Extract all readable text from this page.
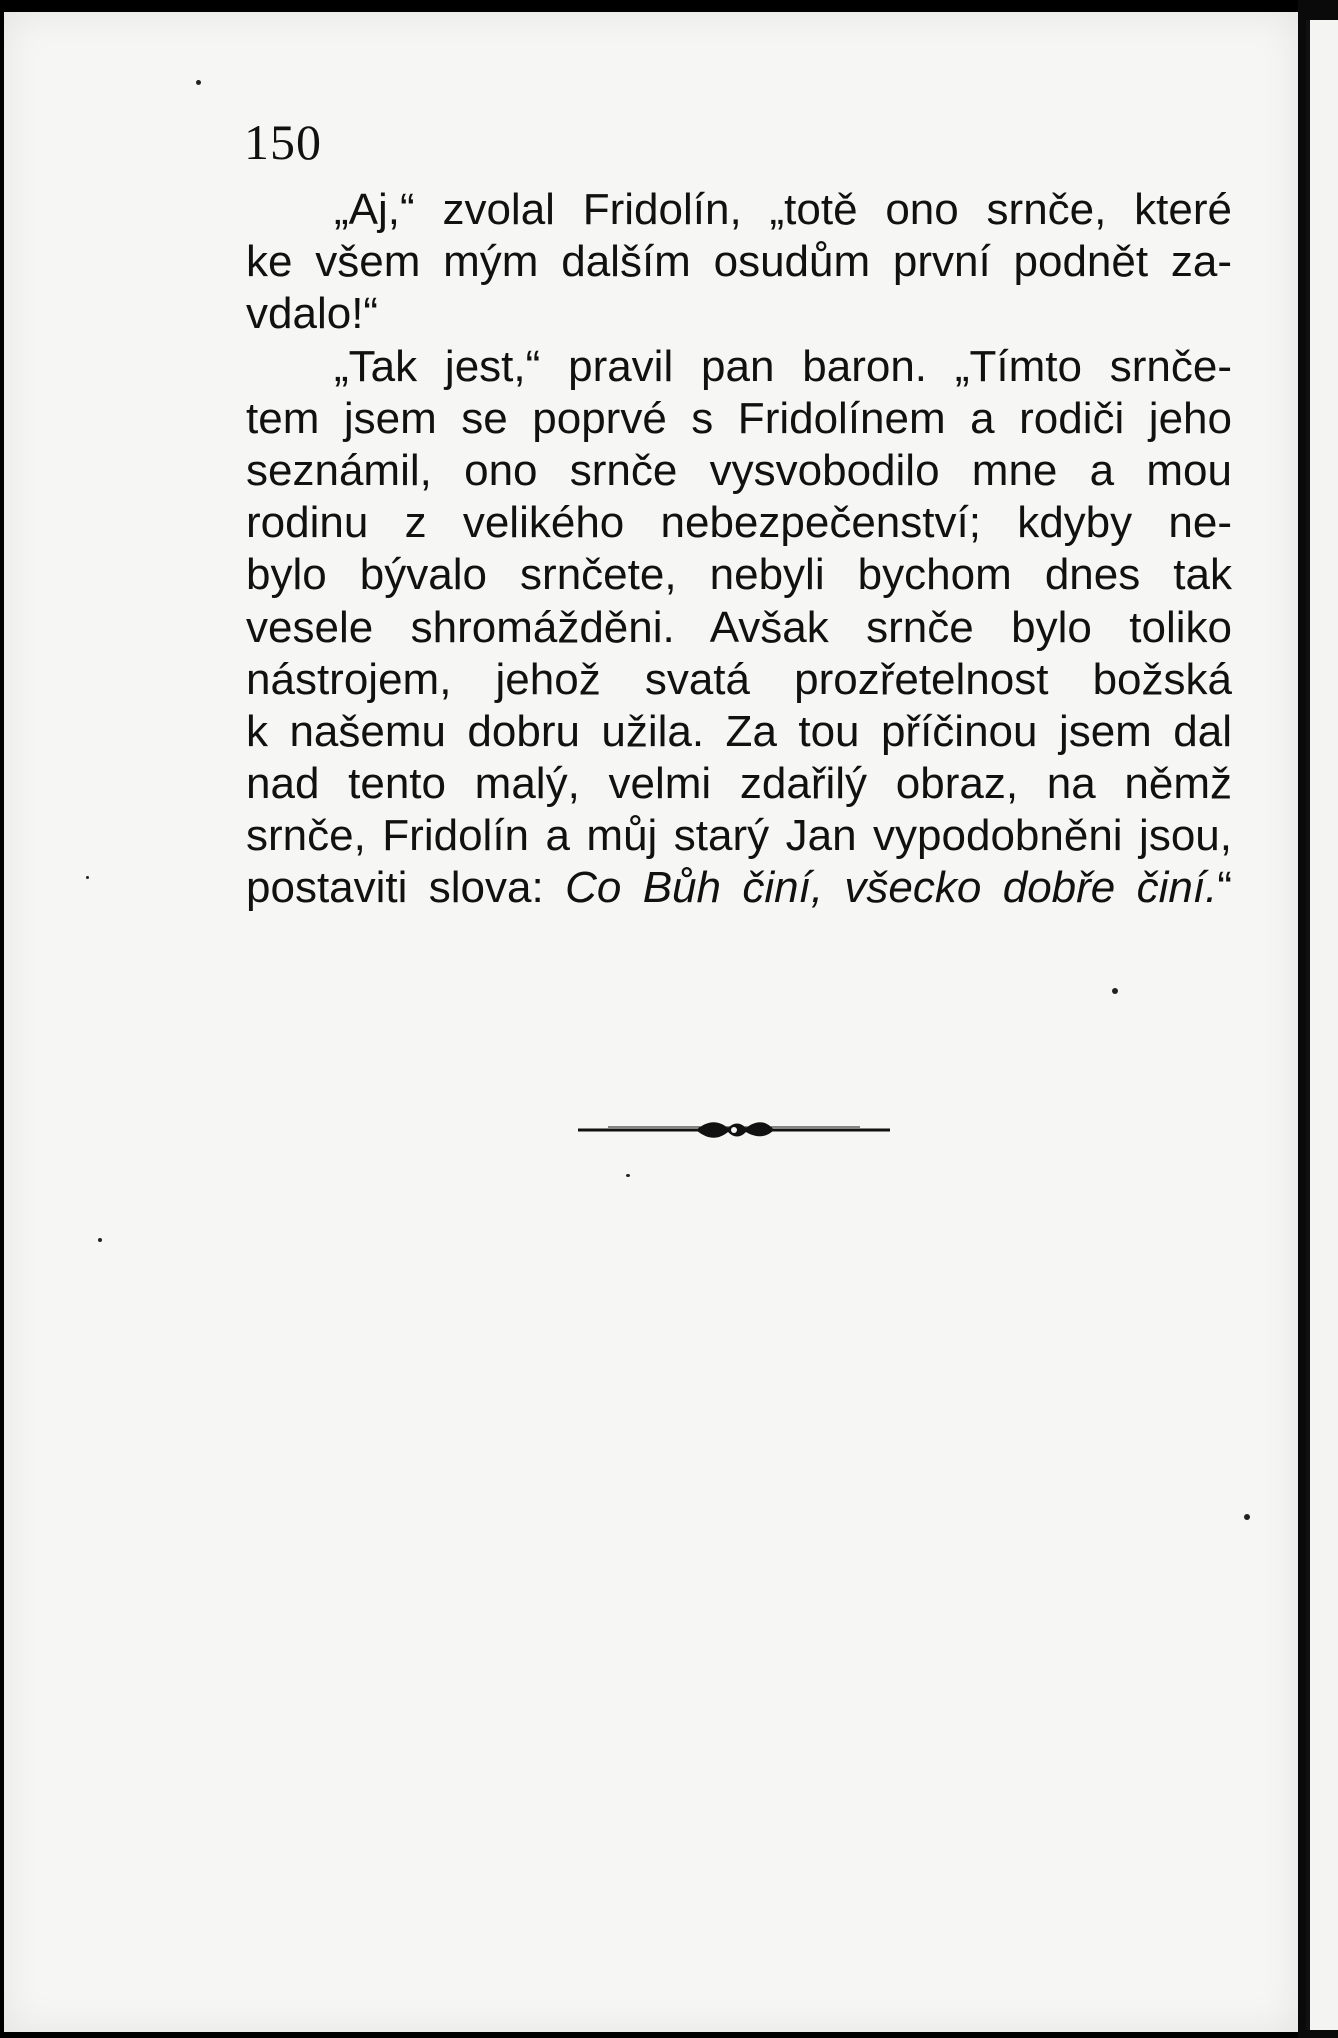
150
„Aj,“ zvolal Fridolín, „totě ono srnče, které
ke všem mým dalším osudům první podnět za-
vdalo!“
„Tak jest,“ pravil pan baron. „Tímto srnče-
tem jsem se poprvé s Fridolínem a rodiči jeho
seznámil, ono srnče vysvobodilo mne a mou
rodinu z velikého nebezpečenství; kdyby ne-
bylo bývalo srnčete, nebyli bychom dnes tak
vesele shromážděni. Avšak srnče bylo toliko
nástrojem, jehož svatá prozřetelnost božská
k našemu dobru užila. Za tou příčinou jsem dal
nad tento malý, velmi zdařilý obraz, na němž
srnče, Fridolín a můj starý Jan vypodobněni jsou,
postaviti slova: Co Bůh činí, všecko dobře činí.“
